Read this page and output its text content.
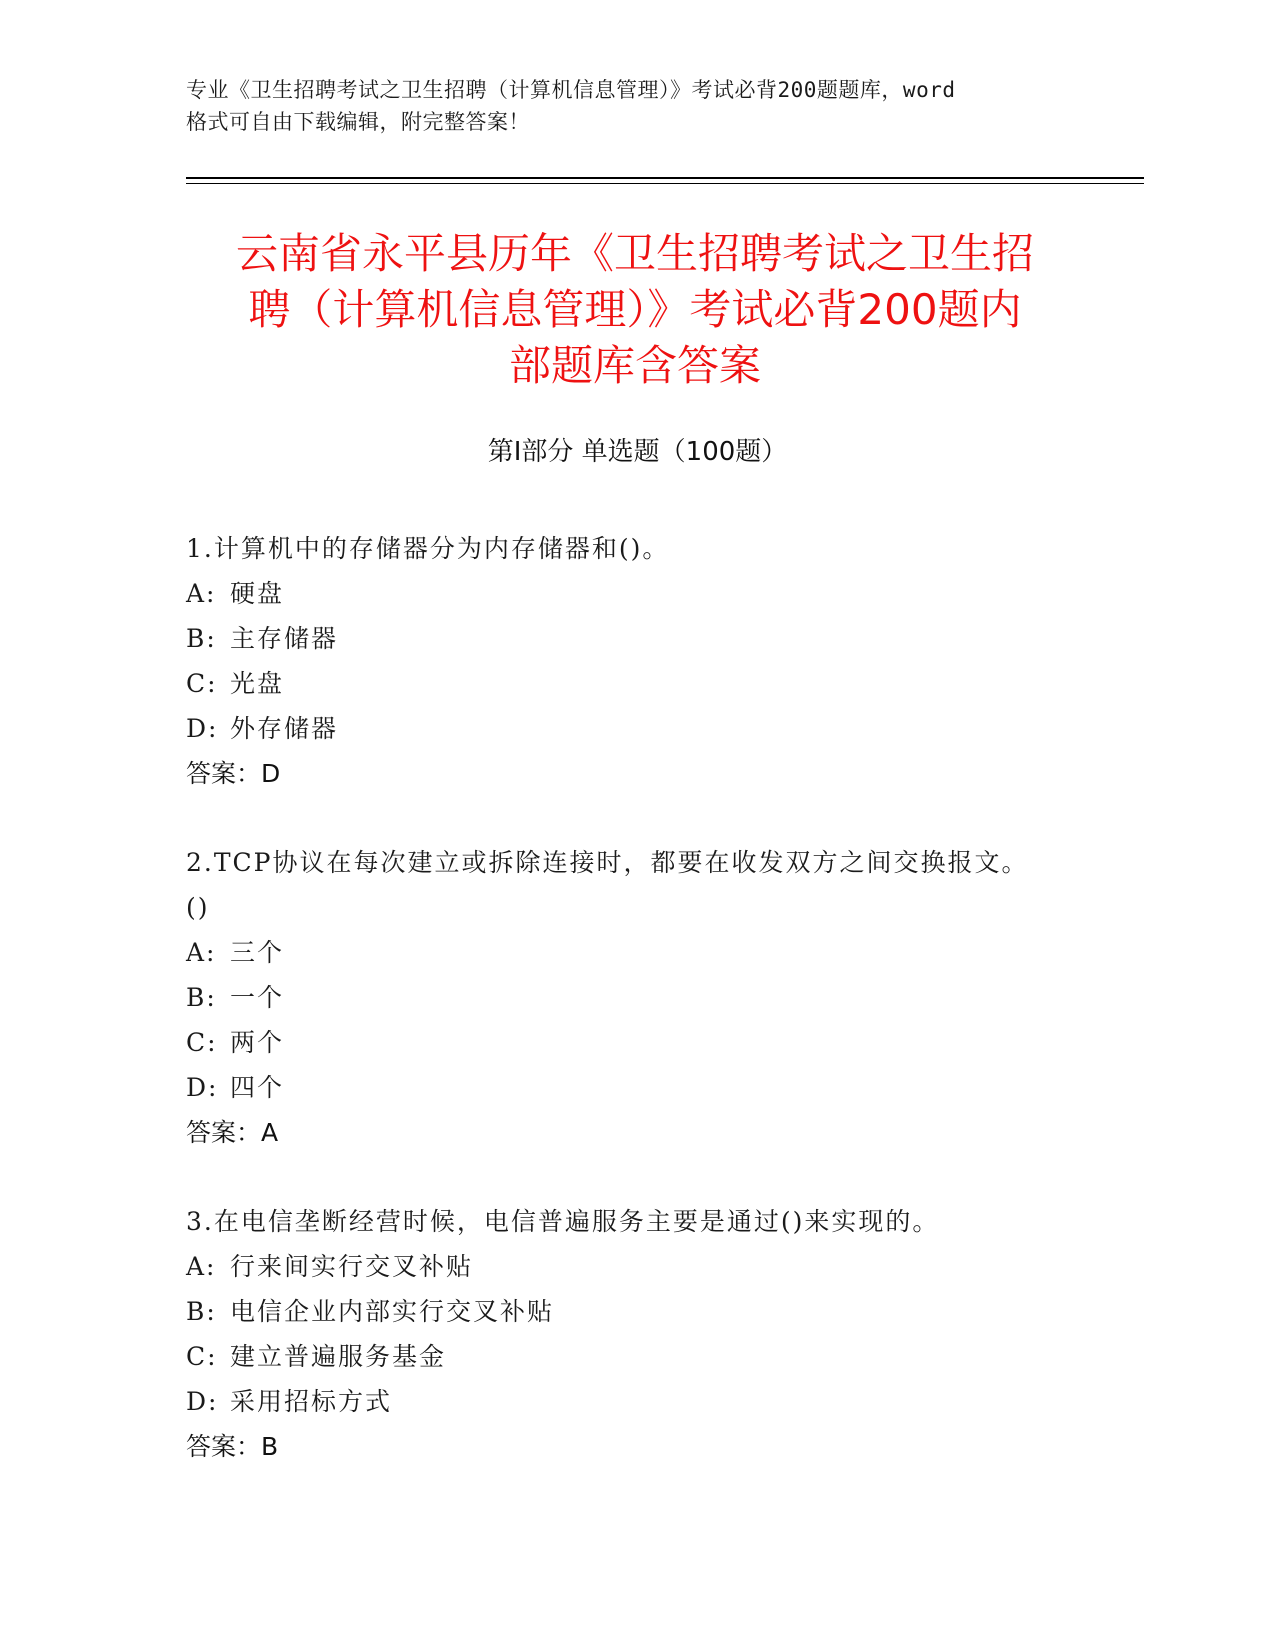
专业《卫生招聘考试之卫生招聘（计算机信息管理）》考试必背200题题库，word
格式可自由下载编辑，附完整答案！
云南省永平县历年《卫生招聘考试之卫生招
聘（计算机信息管理）》考试必背200题内
部题库含答案
第Ⅰ部分 单选题（100题）
1.计算机中的存储器分为内存储器和()。
A: 硬盘
B: 主存储器
C: 光盘
D: 外存储器
答案：D
2.TCP协议在每次建立或拆除连接时，都要在收发双方之间交换报文。
()
A: 三个
B: 一个
C: 两个
D: 四个
答案：A
3.在电信垄断经营时候，电信普遍服务主要是通过()来实现的。
A: 行来间实行交叉补贴
B: 电信企业内部实行交叉补贴
C: 建立普遍服务基金
D: 采用招标方式
答案：B
